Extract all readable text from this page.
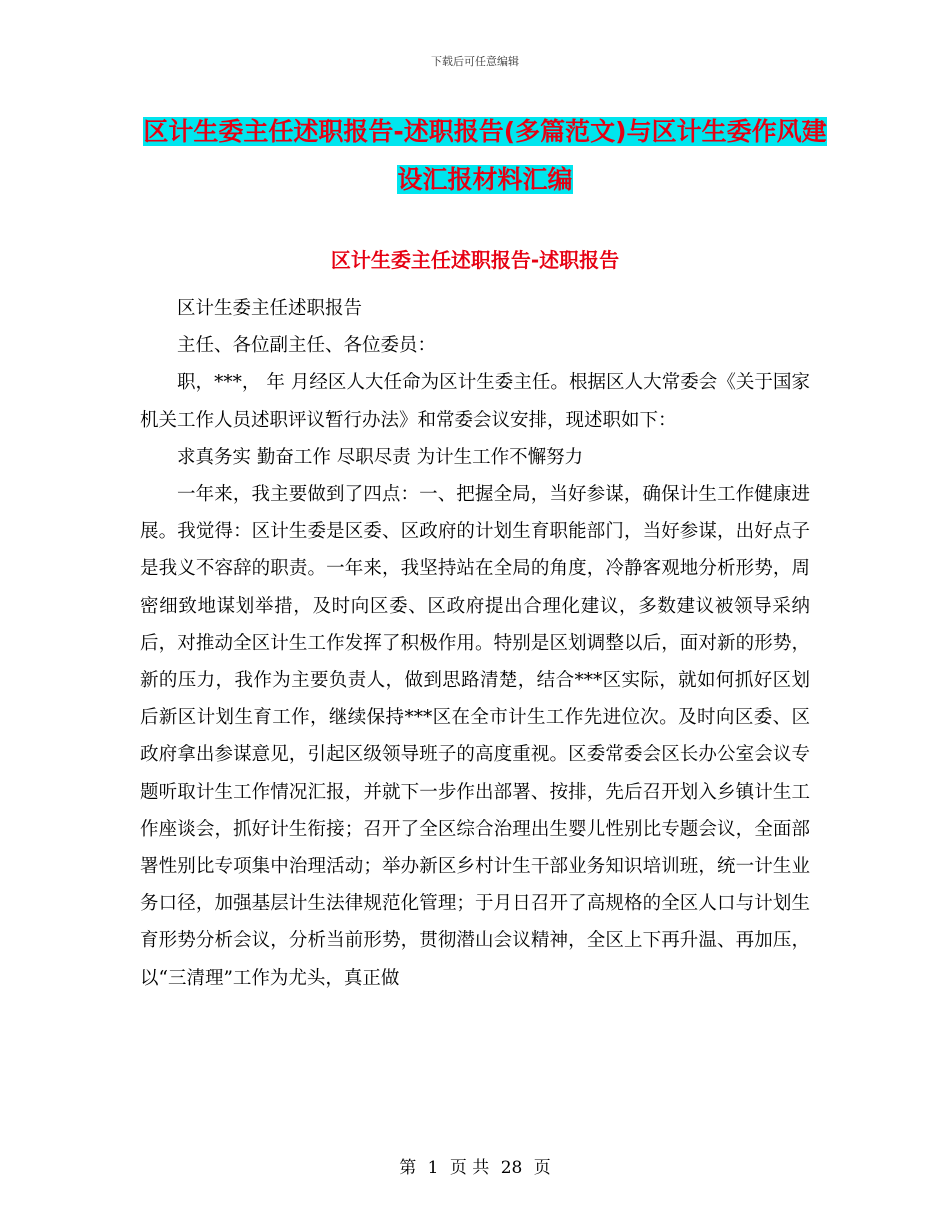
下载后可任意编辑
区计生委主任述职报告-述职报告(多篇范文)与区计生委作风建设汇报材料汇编
区计生委主任述职报告-述职报告

区计生委主任述职报告

主任、各位副主任、各位委员：

职，***， 年 月经区人大任命为区计生委主任。根据区人大常委会《关于国家机关工作人员述职评议暂行办法》和常委会议安排，现述职如下：

求真务实 勤奋工作 尽职尽责 为计生工作不懈努力

一年来，我主要做到了四点：一、把握全局，当好参谋，确保计生工作健康进展。我觉得：区计生委是区委、区政府的计划生育职能部门，当好参谋，出好点子是我义不容辞的职责。一年来，我坚持站在全局的角度，冷静客观地分析形势，周密细致地谋划举措，及时向区委、区政府提出合理化建议，多数建议被领导采纳后，对推动全区计生工作发挥了积极作用。特别是区划调整以后，面对新的形势，新的压力，我作为主要负责人，做到思路清楚，结合***区实际，就如何抓好区划后新区计划生育工作，继续保持***区在全市计生工作先进位次。及时向区委、区政府拿出参谋意见，引起区级领导班子的高度重视。区委常委会区长办公室会议专题听取计生工作情况汇报，并就下一步作出部署、按排，先后召开划入乡镇计生工作座谈会，抓好计生衔接；召开了全区综合治理出生婴儿性别比专题会议，全面部署性别比专项集中治理活动；举办新区乡村计生干部业务知识培训班，统一计生业务口径，加强基层计生法律规范化管理；于月日召开了高规格的全区人口与计划生育形势分析会议，分析当前形势，贯彻潜山会议精神，全区上下再升温、再加压，以“三清理”工作为尤头，真正做

第 1 页 共 28 页
